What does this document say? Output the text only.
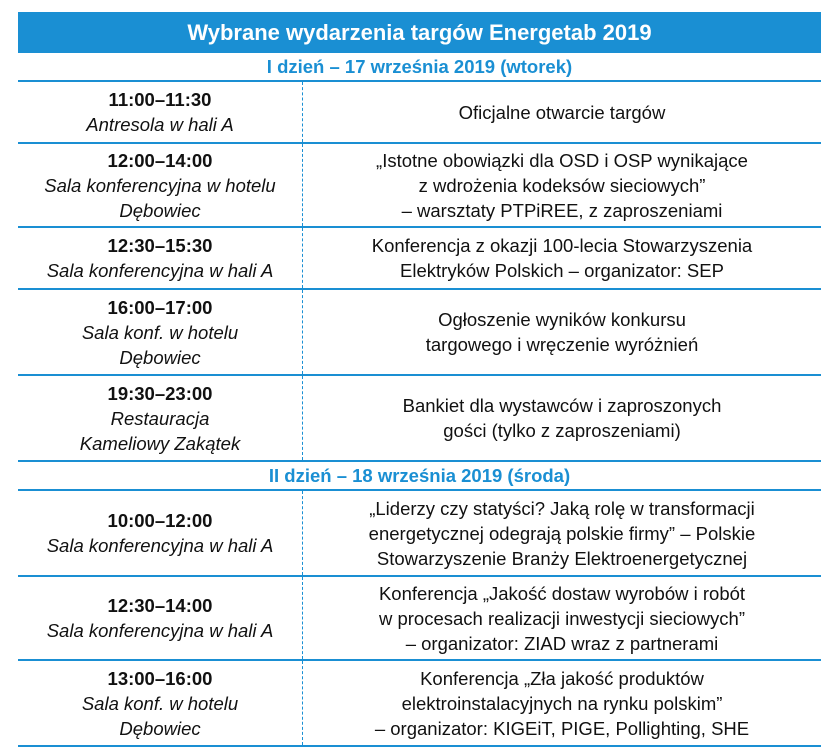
Wybrane wydarzenia targów Energetab 2019
I dzień – 17 września 2019 (wtorek)
11:00–11:30
Antresola w hali A
Oficjalne otwarcie targów
12:00–14:00
Sala konferencyjna w hotelu
Dębowiec
„Istotne obowiązki dla OSD i OSP wynikające
z wdrożenia kodeksów sieciowych”
– warsztaty PTPiREE, z zaproszeniami
12:30–15:30
Sala konferencyjna w hali A
Konferencja z okazji 100-lecia Stowarzyszenia
Elektryków Polskich – organizator: SEP
16:00–17:00
Sala konf. w hotelu
Dębowiec
Ogłoszenie wyników konkursu
targowego i wręczenie wyróżnień
19:30–23:00
Restauracja
Kameliowy Zakątek
Bankiet dla wystawców i zaproszonych
gości (tylko z zaproszeniami)
II dzień – 18 września 2019 (środa)
10:00–12:00
Sala konferencyjna w hali A
„Liderzy czy statyści? Jaką rolę w transformacji
energetycznej odegrają polskie firmy” – Polskie
Stowarzyszenie Branży Elektroenergetycznej
12:30–14:00
Sala konferencyjna w hali A
Konferencja „Jakość dostaw wyrobów i robót
w procesach realizacji inwestycji sieciowych”
– organizator: ZIAD wraz z partnerami
13:00–16:00
Sala konf. w hotelu
Dębowiec
Konferencja „Zła jakość produktów
elektroinstalacyjnych na rynku polskim”
– organizator: KIGEiT, PIGE, Pollighting, SHE
